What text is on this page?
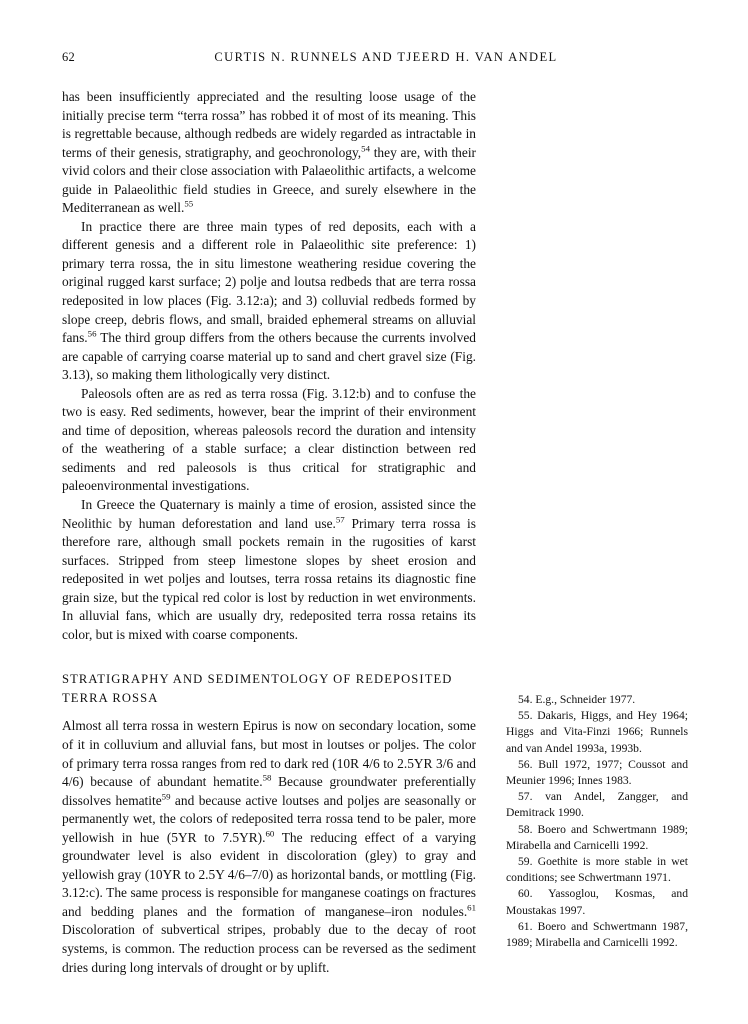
62	CURTIS N. RUNNELS AND TJEERD H. VAN ANDEL

has been insufficiently appreciated and the resulting loose usage of the initially precise term “terra rossa” has robbed it of most of its meaning. This is regrettable because, although redbeds are widely regarded as intractable in terms of their genesis, stratigraphy, and geochronology,$^{54}$ they are, with their vivid colors and their close association with Palaeolithic artifacts, a welcome guide in Palaeolithic field studies in Greece, and surely elsewhere in the Mediterranean as well.$^{55}$

In practice there are three main types of red deposits, each with a different genesis and a different role in Palaeolithic site preference: 1) primary terra rossa, the in situ limestone weathering residue covering the original rugged karst surface; 2) polje and loutsa redbeds that are terra rossa redeposited in low places (Fig. 3.12:a); and 3) colluvial redbeds formed by slope creep, debris flows, and small, braided ephemeral streams on alluvial fans.$^{56}$ The third group differs from the others because the currents involved are capable of carrying coarse material up to sand and chert gravel size (Fig. 3.13), so making them lithologically very distinct.

Paleosols often are as red as terra rossa (Fig. 3.12:b) and to confuse the two is easy. Red sediments, however, bear the imprint of their environment and time of deposition, whereas paleosols record the duration and intensity of the weathering of a stable surface; a clear distinction between red sediments and red paleosols is thus critical for stratigraphic and paleoenvironmental investigations.

In Greece the Quaternary is mainly a time of erosion, assisted since the Neolithic by human deforestation and land use.$^{57}$ Primary terra rossa is therefore rare, although small pockets remain in the rugosities of karst surfaces. Stripped from steep limestone slopes by sheet erosion and redeposited in wet poljes and loutses, terra rossa retains its diagnostic fine grain size, but the typical red color is lost by reduction in wet environments. In alluvial fans, which are usually dry, redeposited terra rossa retains its color, but is mixed with coarse components.

STRATIGRAPHY AND SEDIMENTOLOGY OF REDEPOSITED
TERRA ROSSA

Almost all terra rossa in western Epirus is now on secondary location, some of it in colluvium and alluvial fans, but most in loutses or poljes. The color of primary terra rossa ranges from red to dark red (10R 4/6 to 2.5YR 3/6 and 4/6) because of abundant hematite.$^{58}$ Because groundwater preferentially dissolves hematite$^{59}$ and because active loutses and poljes are seasonally or permanently wet, the colors of redeposited terra rossa tend to be paler, more yellowish in hue (5YR to 7.5YR).$^{60}$ The reducing effect of a varying groundwater level is also evident in discoloration (gley) to gray and yellowish gray (10YR to 2.5Y 4/6–7/0) as horizontal bands, or mottling (Fig. 3.12:c). The same process is responsible for manganese coatings on fractures and bedding planes and the formation of manganese–iron nodules.$^{61}$ Discoloration of subvertical stripes, probably due to the decay of root systems, is common. The reduction process can be reversed as the sediment dries during long intervals of drought or by uplift.

54. E.g., Schneider 1977.

55. Dakaris, Higgs, and Hey 1964; Higgs and Vita-Finzi 1966; Runnels and van Andel 1993a, 1993b.

56. Bull 1972, 1977; Coussot and Meunier 1996; Innes 1983.

57. van Andel, Zangger, and Demitrack 1990.

58. Boero and Schwertmann 1989; Mirabella and Carnicelli 1992.

59. Goethite is more stable in wet conditions; see Schwertmann 1971.

60. Yassoglou, Kosmas, and Moustakas 1997.

61. Boero and Schwertmann 1987, 1989; Mirabella and Carnicelli 1992.
